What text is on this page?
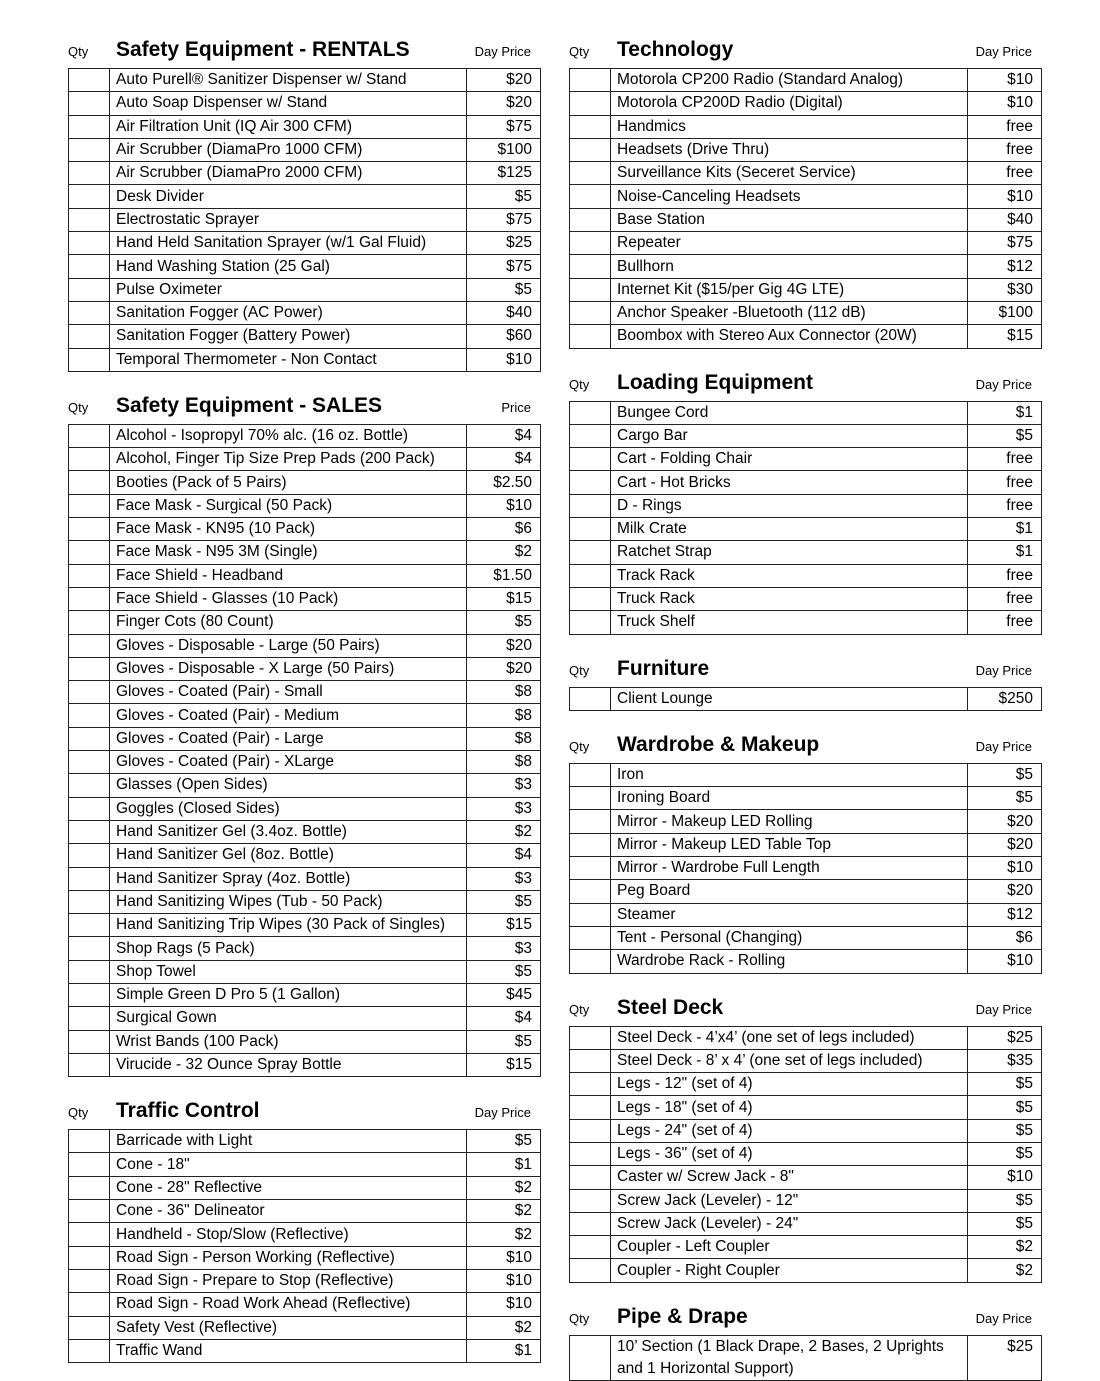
Qty Safety Equipment - RENTALS	Day Price
	Auto Purell® Sanitizer Dispenser w/ Stand	$20
	Auto Soap Dispenser w/ Stand	$20
	Air Filtration Unit (IQ Air 300 CFM)	$75
	Air Scrubber (DiamaPro 1000 CFM)	$100
	Air Scrubber (DiamaPro 2000 CFM)	$125
	Desk Divider	$5
	Electrostatic Sprayer	$75
	Hand Held Sanitation Sprayer (w/1 Gal Fluid)	$25
	Hand Washing Station (25 Gal)	$75
	Pulse Oximeter	$5
	Sanitation Fogger (AC Power)	$40
	Sanitation Fogger (Battery Power)	$60
	Temporal Thermometer - Non Contact	$10
Qty Safety Equipment - SALES	Price
	Alcohol - Isopropyl 70% alc. (16 oz. Bottle)	$4
	Alcohol, Finger Tip Size Prep Pads (200 Pack)	$4
	Booties (Pack of 5 Pairs)	$2.50
	Face Mask - Surgical (50 Pack)	$10
	Face Mask - KN95 (10 Pack)	$6
	Face Mask - N95 3M (Single)	$2
	Face Shield - Headband	$1.50
	Face Shield - Glasses (10 Pack)	$15
	Finger Cots (80 Count)	$5
	Gloves - Disposable - Large (50 Pairs)	$20
	Gloves - Disposable - X Large (50 Pairs)	$20
	Gloves - Coated (Pair) - Small	$8
	Gloves - Coated (Pair) - Medium	$8
	Gloves - Coated (Pair) - Large	$8
	Gloves - Coated (Pair) - XLarge	$8
	Glasses (Open Sides)	$3
	Goggles (Closed Sides)	$3
	Hand Sanitizer Gel (3.4oz. Bottle)	$2
	Hand Sanitizer Gel (8oz. Bottle)	$4
	Hand Sanitizer Spray (4oz. Bottle)	$3
	Hand Sanitizing Wipes (Tub - 50 Pack)	$5
	Hand Sanitizing Trip Wipes (30 Pack of Singles)	$15
	Shop Rags (5 Pack)	$3
	Shop Towel	$5
	Simple Green D Pro 5 (1 Gallon)	$45
	Surgical Gown	$4
	Wrist Bands (100 Pack)	$5
	Virucide - 32 Ounce Spray Bottle	$15
Qty Traffic Control	Day Price
	Barricade with Light	$5
	Cone - 18"	$1
	Cone - 28" Reflective	$2
	Cone - 36" Delineator	$2
	Handheld - Stop/Slow (Reflective)	$2
	Road Sign - Person Working (Reflective)	$10
	Road Sign - Prepare to Stop (Reflective)	$10
	Road Sign - Road Work Ahead (Reflective)	$10
	Safety Vest (Reflective)	$2
	Traffic Wand	$1
Qty Technology	Day Price
	Motorola CP200 Radio (Standard Analog)	$10
	Motorola CP200D Radio (Digital)	$10
	Handmics	free
	Headsets (Drive Thru)	free
	Surveillance Kits (Seceret Service)	free
	Noise-Canceling Headsets	$10
	Base Station	$40
	Repeater	$75
	Bullhorn	$12
	Internet Kit ($15/per Gig 4G LTE)	$30
	Anchor Speaker -Bluetooth (112 dB)	$100
	Boombox with Stereo Aux Connector (20W)	$15
Qty Loading Equipment	Day Price
	Bungee Cord	$1
	Cargo Bar	$5
	Cart - Folding Chair	free
	Cart - Hot Bricks	free
	D - Rings	free
	Milk Crate	$1
	Ratchet Strap	$1
	Track Rack	free
	Truck Rack	free
	Truck Shelf	free
Qty Furniture	Day Price
	Client Lounge	$250
Qty Wardrobe & Makeup	Day Price
	Iron	$5
	Ironing Board	$5
	Mirror - Makeup LED Rolling	$20
	Mirror - Makeup LED Table Top	$20
	Mirror - Wardrobe Full Length	$10
	Peg Board	$20
	Steamer	$12
	Tent - Personal (Changing)	$6
	Wardrobe Rack - Rolling	$10
Qty Steel Deck	Day Price
	Steel Deck - 4’x4’ (one set of legs included)	$25
	Steel Deck - 8’ x 4’ (one set of legs included)	$35
	Legs - 12" (set of 4)	$5
	Legs - 18" (set of 4)	$5
	Legs - 24" (set of 4)	$5
	Legs - 36" (set of 4)	$5
	Caster w/ Screw Jack - 8"	$10
	Screw Jack (Leveler) - 12"	$5
	Screw Jack (Leveler) - 24"	$5
	Coupler - Left Coupler	$2
	Coupler - Right Coupler	$2
Qty Pipe & Drape	Day Price
	10’ Section (1 Black Drape, 2 Bases, 2 Uprights and 1 Horizontal Support)	$25
